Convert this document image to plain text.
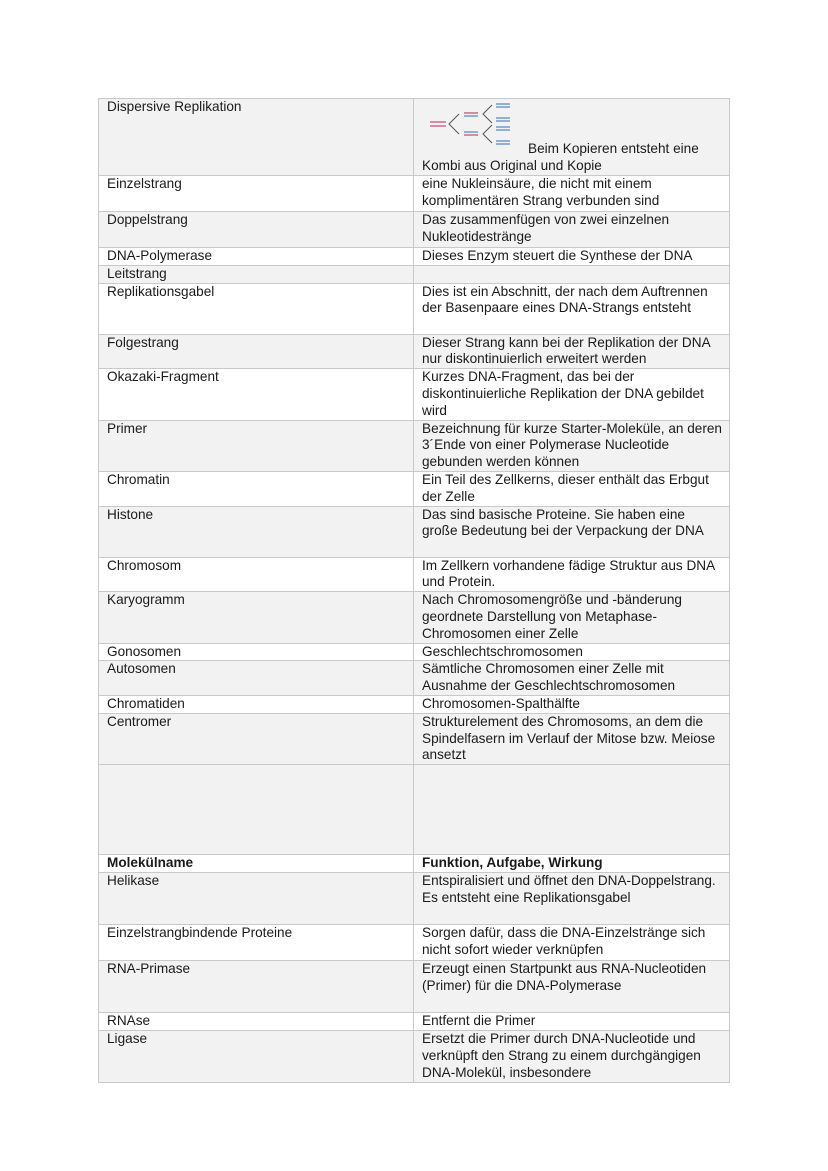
Dispersive Replikation	Beim Kopieren entsteht eine Kombi aus Original und Kopie

Einzelstrang	eine Nukleinsäure, die nicht mit einem komplimentären Strang verbunden sind
Doppelstrang	Das zusammenfügen von zwei einzelnen Nukleotidestränge
DNA-Polymerase	Dieses Enzym steuert die Synthese der DNA
Leitstrang	
Replikationsgabel	Dies ist ein Abschnitt, der nach dem Auftrennen der Basenpaare eines DNA-Strangs entsteht
Folgestrang	Dieser Strang kann bei der Replikation der DNA nur diskontinuierlich erweitert werden
Okazaki-Fragment	Kurzes DNA-Fragment, das bei der diskontinuierliche Replikation der DNA gebildet wird
Primer	Bezeichnung für kurze Starter-Moleküle, an deren 3´Ende von einer Polymerase Nucleotide gebunden werden können
Chromatin	Ein Teil des Zellkerns, dieser enthält das Erbgut der Zelle
Histone	Das sind basische Proteine. Sie haben eine große Bedeutung bei der Verpackung der DNA
Chromosom	Im Zellkern vorhandene fädige Struktur aus DNA und Protein.
Karyogramm	Nach Chromosomengröße und -bänderung geordnete Darstellung von Metaphase-Chromosomen einer Zelle
Gonosomen	Geschlechtschromosomen
Autosomen	Sämtliche Chromosomen einer Zelle mit Ausnahme der Geschlechtschromosomen
Chromatiden	Chromosomen-Spalthälfte
Centromer	Strukturelement des Chromosoms, an dem die Spindelfasern im Verlauf der Mitose bzw. Meiose ansetzt

Molekülname	Funktion, Aufgabe, Wirkung
Helikase	Entspiralisiert und öffnet den DNA-Doppelstrang. Es entsteht eine Replikationsgabel
Einzelstrangbindende Proteine	Sorgen dafür, dass die DNA-Einzelstränge sich nicht sofort wieder verknüpfen
RNA-Primase	Erzeugt einen Startpunkt aus RNA-Nucleotiden (Primer) für die DNA-Polymerase
RNAse	Entfernt die Primer
Ligase	Ersetzt die Primer durch DNA-Nucleotide und verknüpft den Strang zu einem durchgängigen DNA-Molekül, insbesondere
